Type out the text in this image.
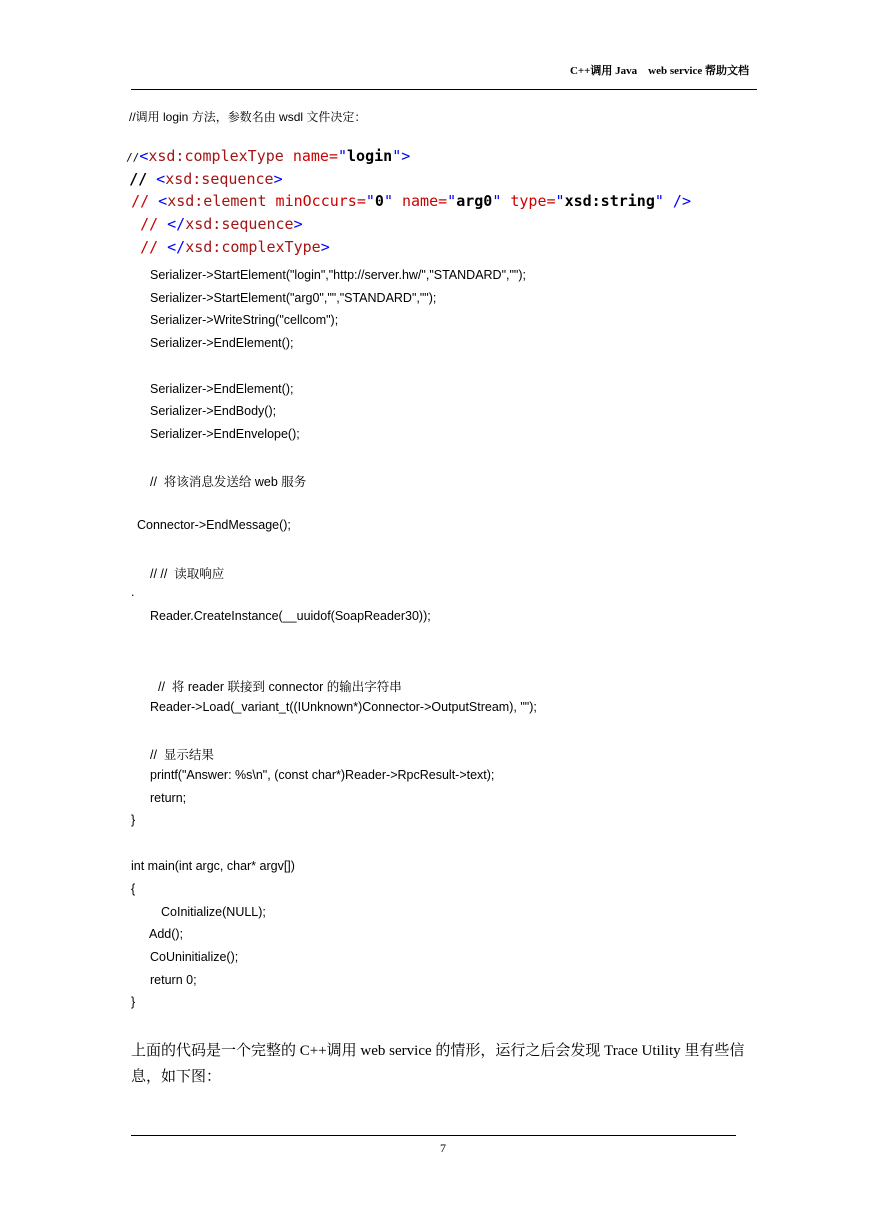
C++调用 Java    web service 帮助文档
//调用 login 方法，参数名由 wsdl 文件决定：

//<xsd:complexType name="login">

// <xsd:sequence>

// <xsd:element minOccurs="0" name="arg0" type="xsd:string" />

// </xsd:sequence>

// </xsd:complexType>

Serializer->StartElement("login","http://server.hw/","STANDARD","");
Serializer->StartElement("arg0","","STANDARD","");
Serializer->WriteString("cellcom");
Serializer->EndElement();
Serializer->EndElement();
Serializer->EndBody();
Serializer->EndEnvelope();
//  将该消息发送给 web 服务
Connector->EndMessage();
// //  读取响应
.
Reader.CreateInstance(__uuidof(SoapReader30));
//  将 reader 联接到 connector 的输出字符串
Reader->Load(_variant_t((IUnknown*)Connector->OutputStream), "");
//  显示结果
printf("Answer: %s\n", (const char*)Reader->RpcResult->text);
return;
}
int main(int argc, char* argv[])
{
CoInitialize(NULL);
Add();
CoUninitialize();
return 0;
}
上面的代码是一个完整的 C++调用 web service 的情形，运行之后会发现 Trace Utility 里有些信息，如下图：
7
